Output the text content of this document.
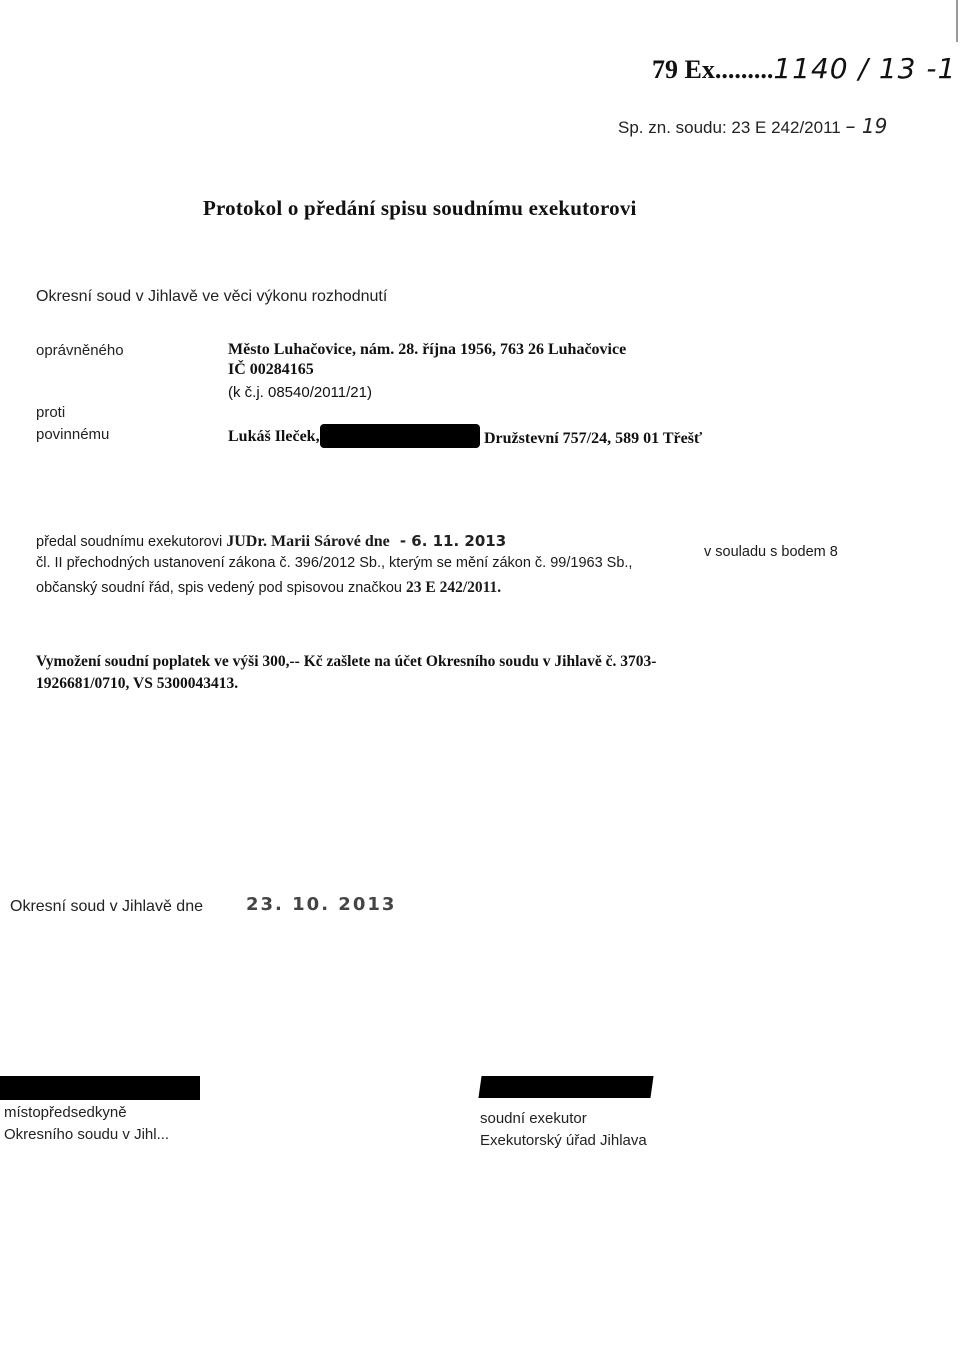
79 Ex.........1140 / 13 -1
Sp. zn. soudu: 23 E 242/2011 – 19
Protokol o předání spisu soudnímu exekutorovi
Okresní soud v Jihlavě ve věci výkonu rozhodnutí
oprávněného	Město Luhačovice, nám. 28. října 1956, 763 26 Luhačovice
IČ 00284165
(k č.j. 08540/2011/21)
proti
povinnému	Lukáš Ileček,	Družstevní 757/24, 589 01 Třešť
předal soudnímu exekutorovi JUDr. Marii Sárové dne - 6. 11. 2013
v souladu s bodem 8
čl. II přechodných ustanovení zákona č. 396/2012 Sb., kterým se mění zákon č. 99/1963 Sb.,
občanský soudní řád, spis vedený pod spisovou značkou 23 E 242/2011.
Vymožení soudní poplatek ve výši 300,-- Kč zašlete na účet Okresního soudu v Jihlavě č. 3703-
1926681/0710, VS 5300043413.
Okresní soud v Jihlavě dne 23. 10. 2013
místopředsedkyně
Okresního soudu v Jihl...
soudní exekutor
Exekutorský úřad Jihlava
